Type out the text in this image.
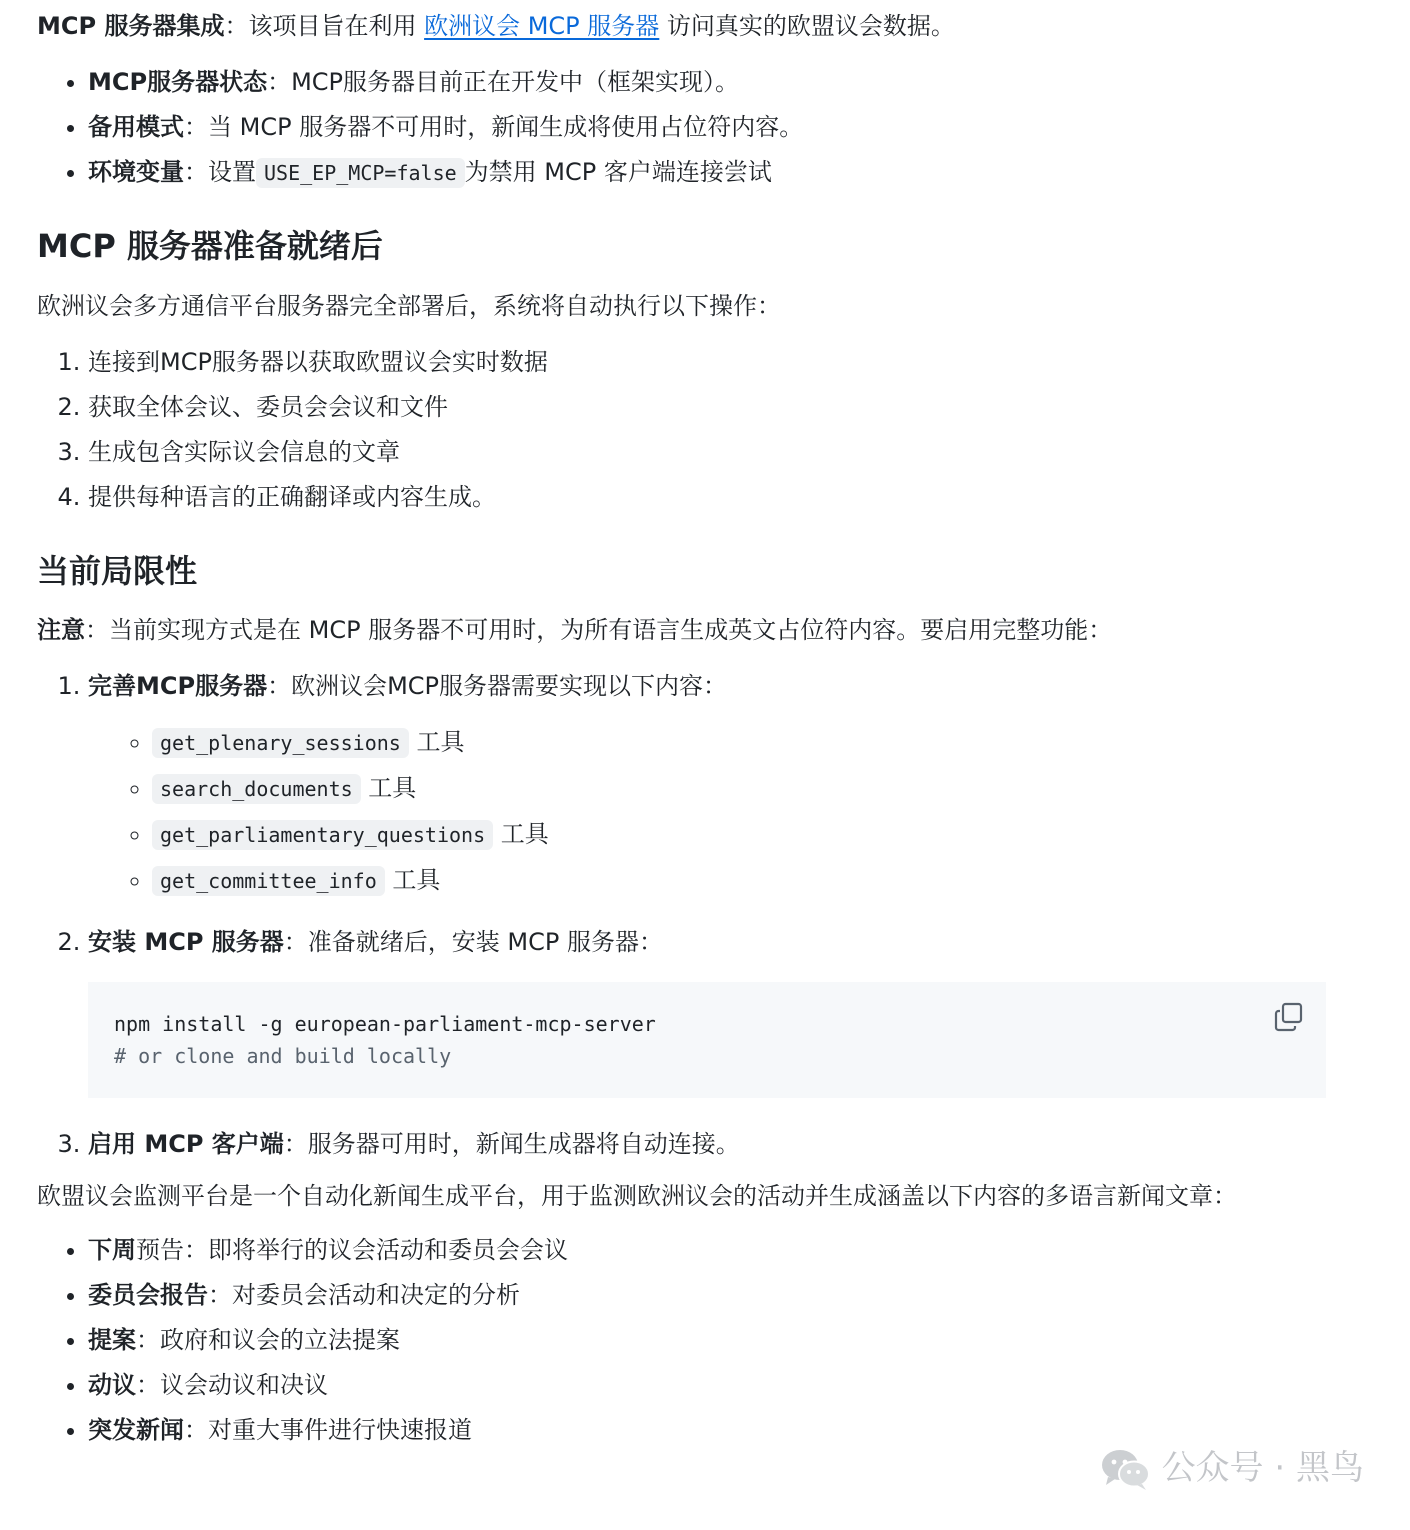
MCP 服务器集成：该项目旨在利用 欧洲议会 MCP 服务器 访问真实的欧盟议会数据。

• MCP服务器状态：MCP服务器目前正在开发中（框架实现）。
• 备用模式：当 MCP 服务器不可用时，新闻生成将使用占位符内容。
• 环境变量：设置 USE_EP_MCP=false 为禁用 MCP 客户端连接尝试
MCP 服务器准备就绪后

欧洲议会多方通信平台服务器完全部署后，系统将自动执行以下操作：

1. 连接到MCP服务器以获取欧盟议会实时数据
2. 获取全体会议、委员会会议和文件
3. 生成包含实际议会信息的文章
4. 提供每种语言的正确翻译或内容生成。
当前局限性

注意：当前实现方式是在 MCP 服务器不可用时，为所有语言生成英文占位符内容。要启用完整功能：

1. 完善MCP服务器：欧洲议会MCP服务器需要实现以下内容：
◦ get_plenary_sessions 工具
◦ search_documents 工具
◦ get_parliamentary_questions 工具
◦ get_committee_info 工具
2. 安装 MCP 服务器：准备就绪后，安装 MCP 服务器：
npm install -g european-parliament-mcp-server
# or clone and build locally
3. 启用 MCP 客户端：服务器可用时，新闻生成器将自动连接。

欧盟议会监测平台是一个自动化新闻生成平台，用于监测欧洲议会的活动并生成涵盖以下内容的多语言新闻文章：

• 下周预告：即将举行的议会活动和委员会会议
• 委员会报告：对委员会活动和决定的分析
• 提案：政府和议会的立法提案
• 动议：议会动议和决议
• 突发新闻：对重大事件进行快速报道
公众号 · 黑鸟
